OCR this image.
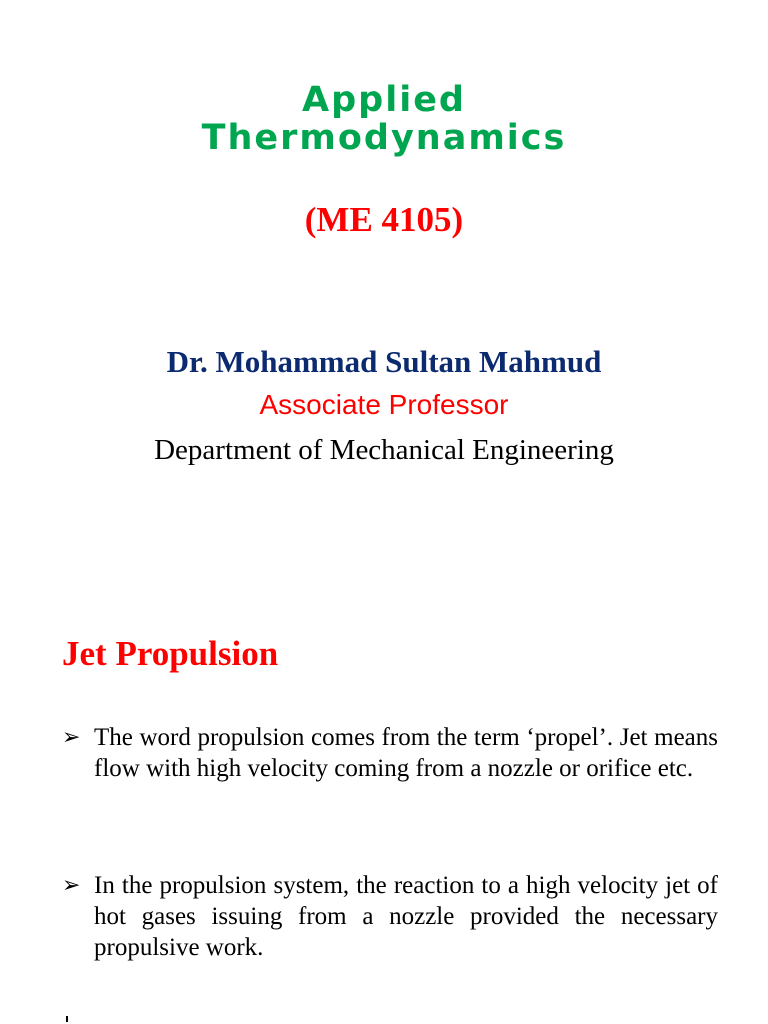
Applied
Thermodynamics
(ME 4105)
Dr. Mohammad Sultan Mahmud
Associate Professor
Department of Mechanical Engineering
Jet Propulsion
➢ The word propulsion comes from the term ‘propel’. Jet means flow with high velocity coming from a nozzle or orifice etc.
➢ In the propulsion system, the reaction to a high velocity jet of hot gases issuing from a nozzle provided the necessary propulsive work.
